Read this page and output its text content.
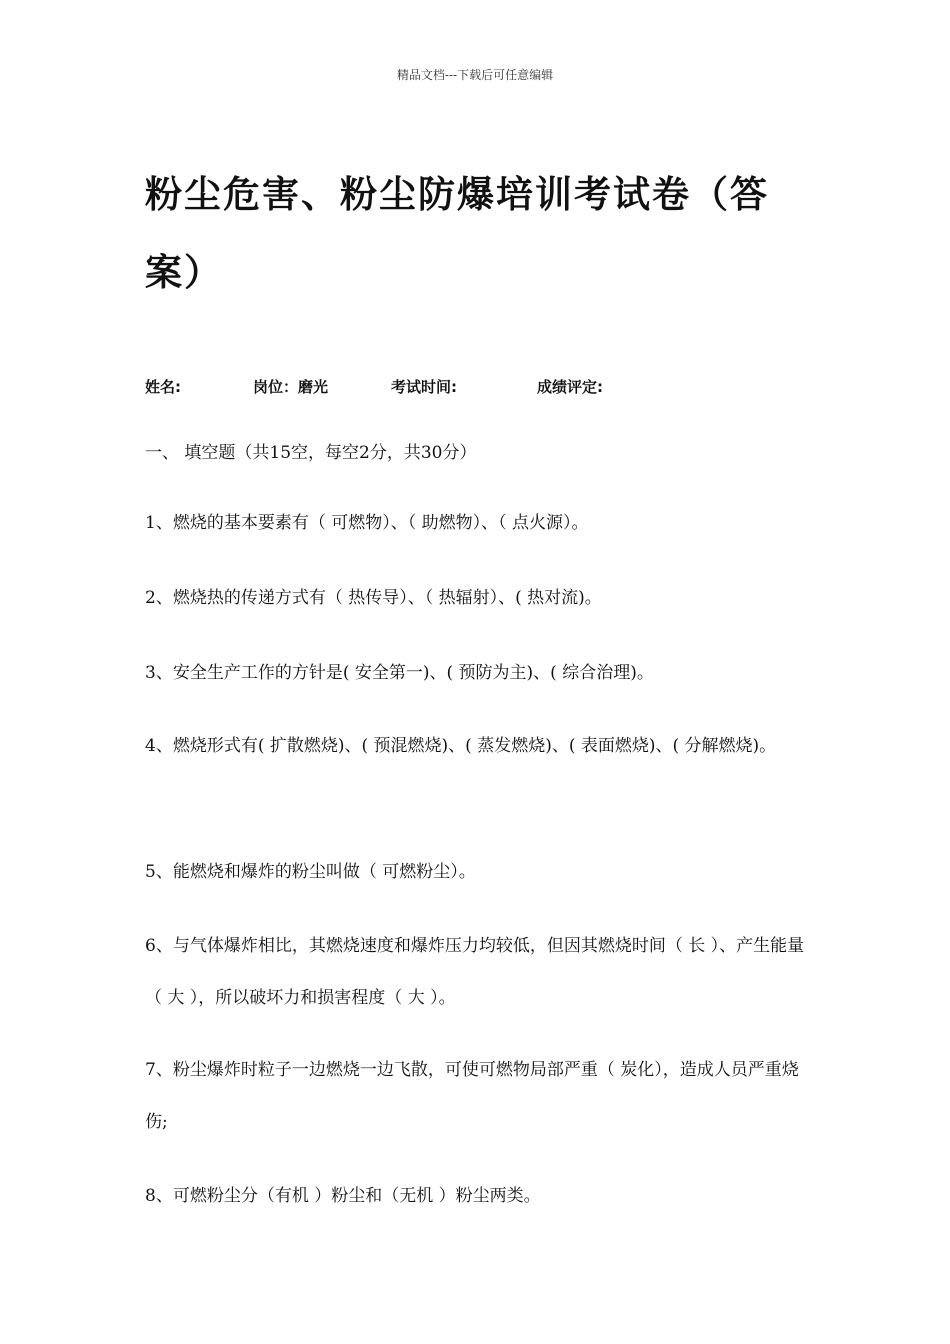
精品文档---下载后可任意编辑
粉尘危害、粉尘防爆培训考试卷（答案）
姓名:	岗位：磨光	考试时间:	成绩评定:
一、 填空题（共15空，每空2分，共30分）

1、燃烧的基本要素有（ 可燃物）、（ 助燃物）、（ 点火源）。

2、燃烧热的传递方式有（ 热传导）、（ 热辐射）、( 热对流)。

3、安全生产工作的方针是( 安全第一)、( 预防为主)、( 综合治理)。

4、燃烧形式有( 扩散燃烧)、( 预混燃烧)、( 蒸发燃烧)、( 表面燃烧)、( 分解燃烧)。

5、能燃烧和爆炸的粉尘叫做（ 可燃粉尘）。

6、与气体爆炸相比，其燃烧速度和爆炸压力均较低，但因其燃烧时间（ 长 ）、产生能量（ 大 ），所以破坏力和损害程度（ 大 ）。

7、粉尘爆炸时粒子一边燃烧一边飞散，可使可燃物局部严重（ 炭化），造成人员严重烧伤;

8、可燃粉尘分（有机 ）粉尘和（无机 ）粉尘两类。
